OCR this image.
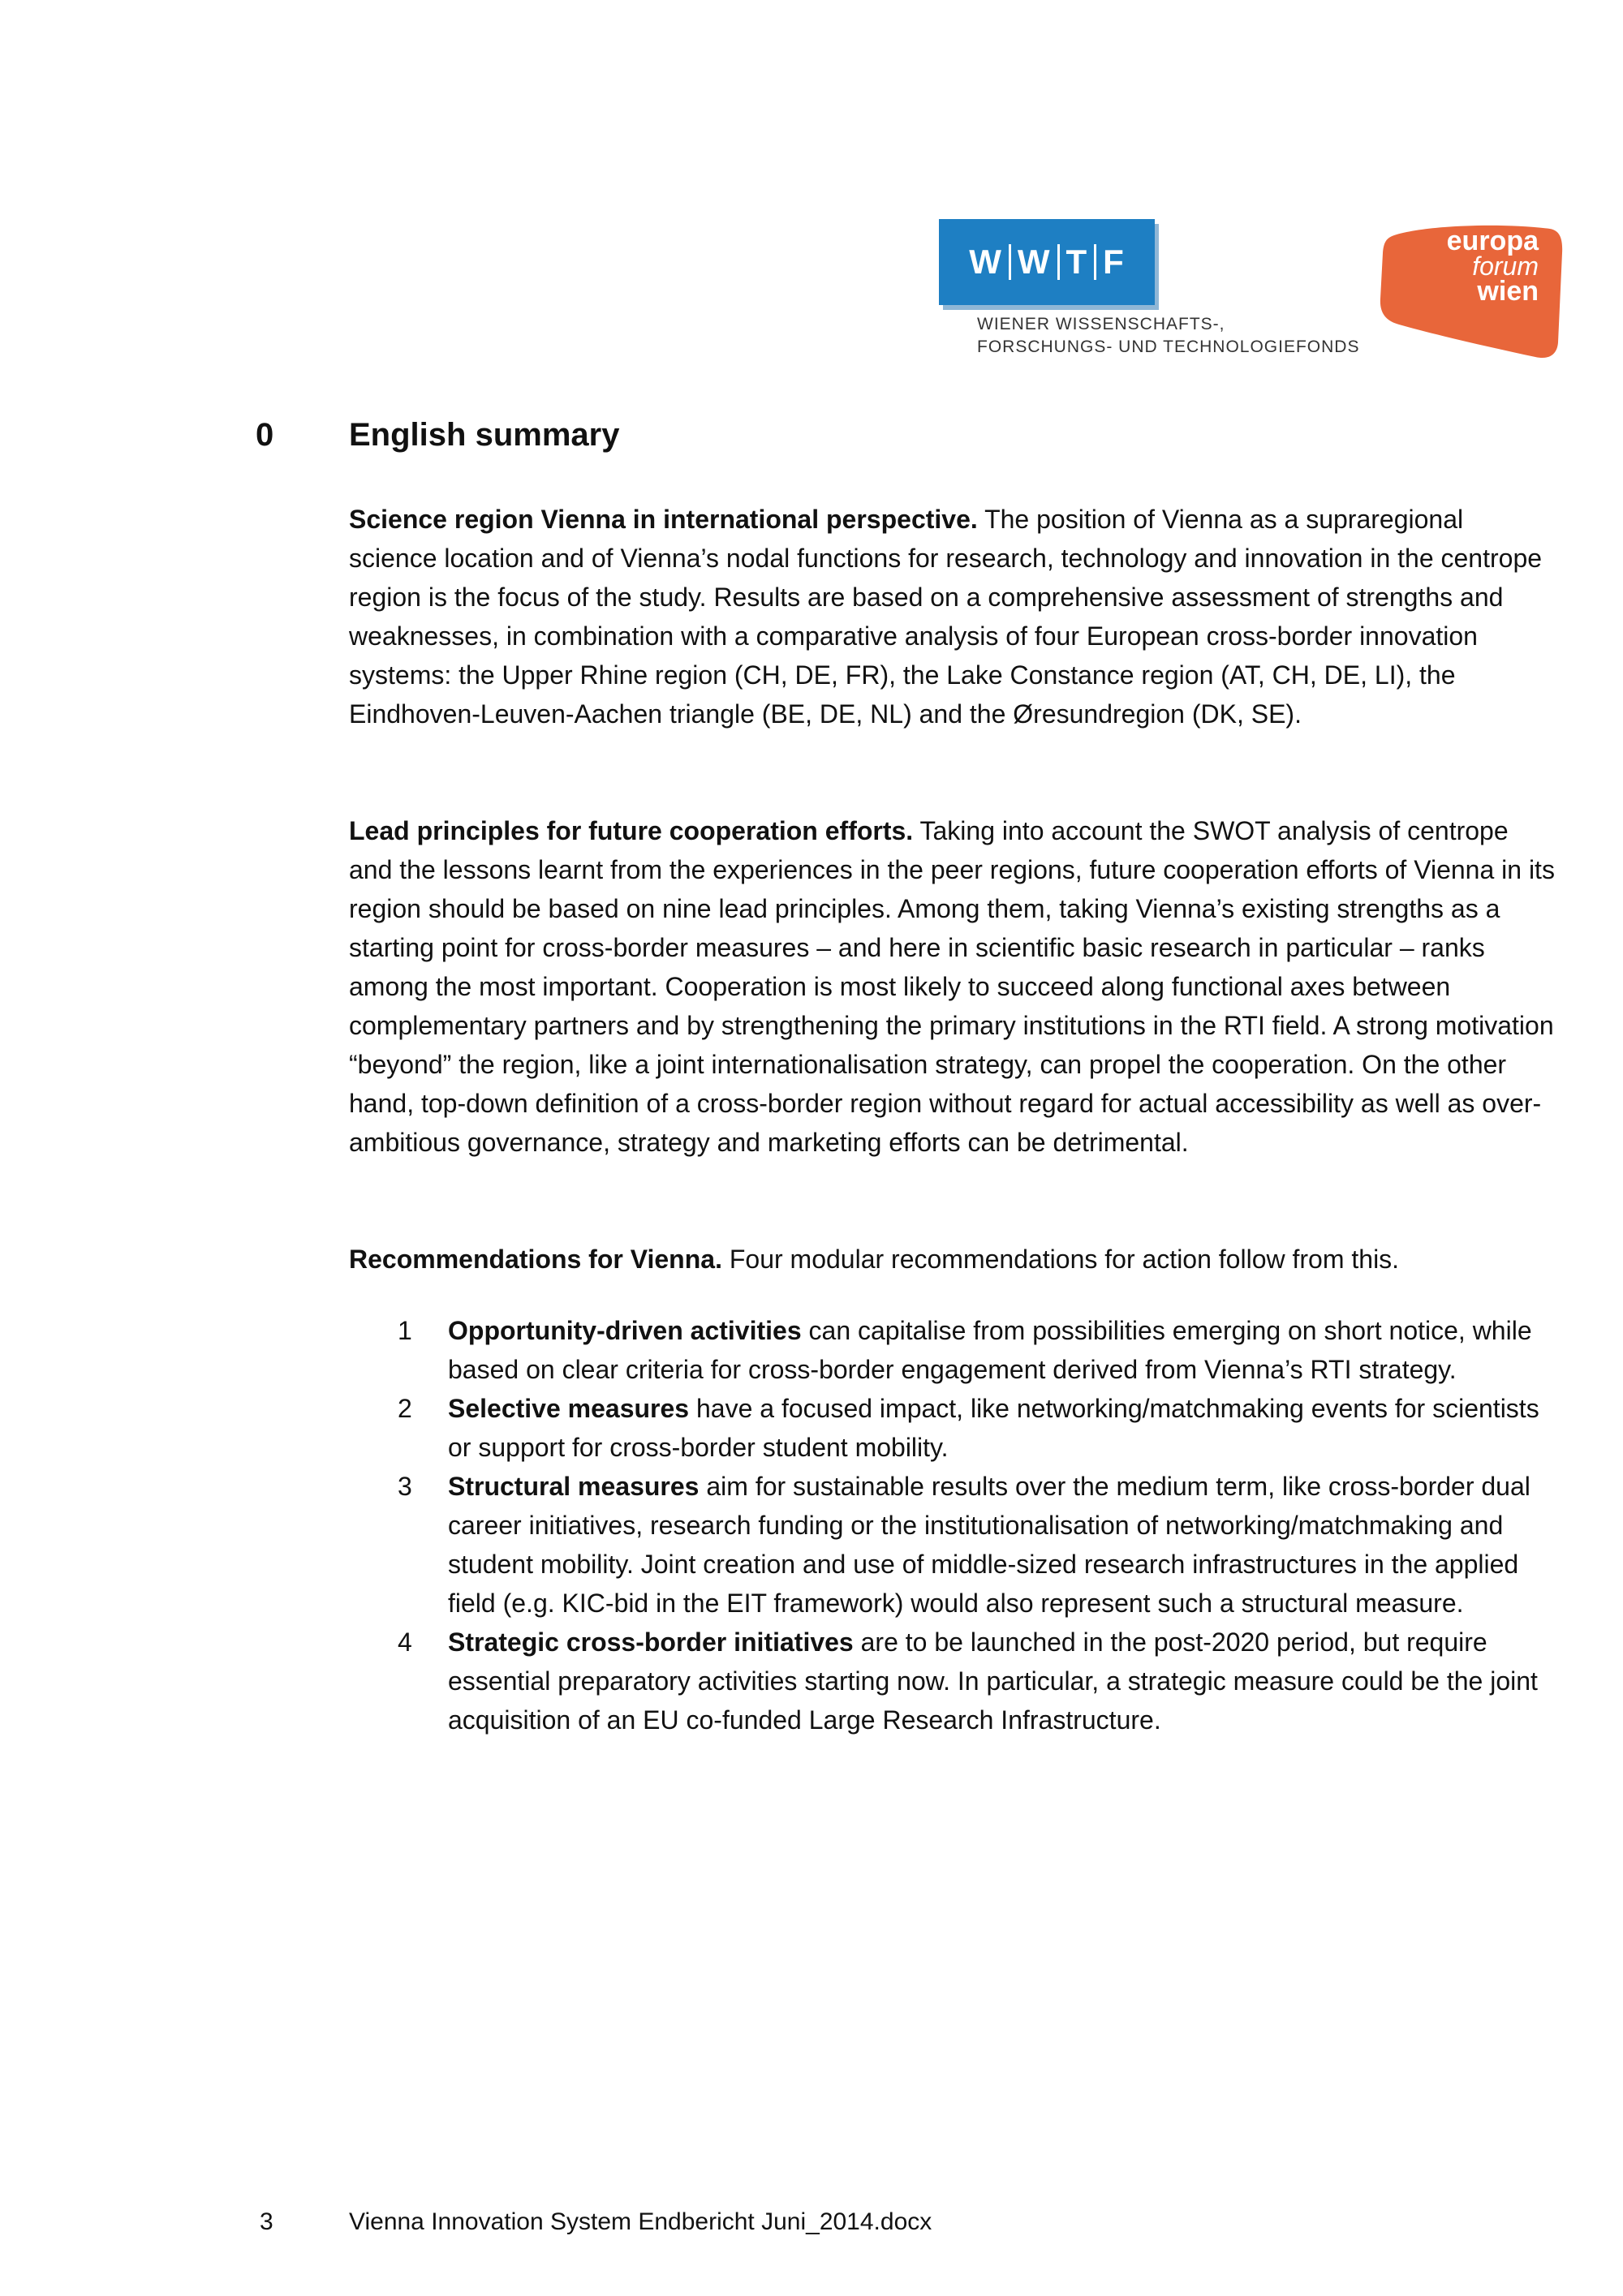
W W T F
WIENER WISSENSCHAFTS-,
FORSCHUNGS- UND TECHNOLOGIEFONDS
europa
forum
wien
0 English summary

Science region Vienna in international perspective. The position of Vienna as a supraregional science location and of Vienna’s nodal functions for research, technology and innovation in the centrope region is the focus of the study. Results are based on a comprehensive assessment of strengths and weaknesses, in combination with a comparative analysis of four European cross-border innovation systems: the Upper Rhine region (CH, DE, FR), the Lake Constance region (AT, CH, DE, LI), the Eindhoven-Leuven-Aachen triangle (BE, DE, NL) and the Øresundregion (DK, SE).

Lead principles for future cooperation efforts. Taking into account the SWOT analysis of centrope and the lessons learnt from the experiences in the peer regions, future cooperation efforts of Vienna in its region should be based on nine lead principles. Among them, taking Vienna’s existing strengths as a starting point for cross-border measures – and here in scientific basic research in particular – ranks among the most important. Cooperation is most likely to succeed along functional axes between complementary partners and by strengthening the primary institutions in the RTI field. A strong motivation “beyond” the region, like a joint internationalisation strategy, can propel the cooperation. On the other hand, top-down definition of a cross-border region without regard for actual accessibility as well as over-ambitious governance, strategy and marketing efforts can be detrimental.

Recommendations for Vienna. Four modular recommendations for action follow from this.

1 Opportunity-driven activities can capitalise from possibilities emerging on short notice, while based on clear criteria for cross-border engagement derived from Vienna’s RTI strategy.
2 Selective measures have a focused impact, like networking/matchmaking events for scientists or support for cross-border student mobility.
3 Structural measures aim for sustainable results over the medium term, like cross-border dual career initiatives, research funding or the institutionalisation of networking/matchmaking and student mobility. Joint creation and use of middle-sized research infrastructures in the applied field (e.g. KIC-bid in the EIT framework) would also represent such a structural measure.
4 Strategic cross-border initiatives are to be launched in the post-2020 period, but require essential preparatory activities starting now. In particular, a strategic measure could be the joint acquisition of an EU co-funded Large Research Infrastructure.
3	Vienna Innovation System Endbericht Juni_2014.docx
